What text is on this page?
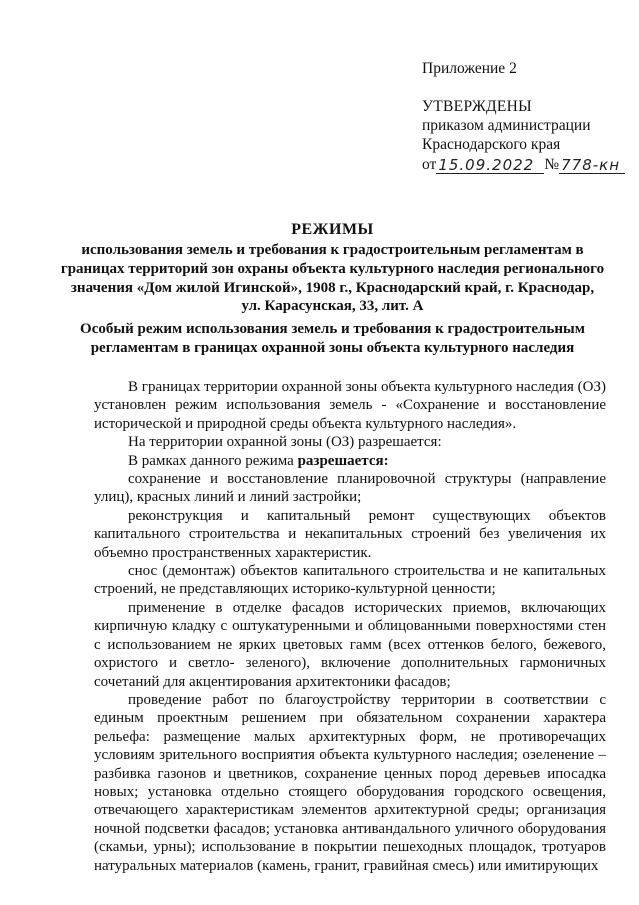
Приложение 2
УТВЕРЖДЕНЫ
приказом администрации
Краснодарского края
от 15.09.2022 № 778-кн
РЕЖИМЫ
использования земель и требования к градостроительным регламентам в границах территорий зон охраны объекта культурного наследия регионального значения «Дом жилой Игинской», 1908 г., Краснодарский край, г. Краснодар, ул. Карасунская, 33, лит. А
Особый режим использования земель и требования к градостроительным регламентам в границах охранной зоны объекта культурного наследия

В границах территории охранной зоны объекта культурного наследия (ОЗ) установлен режим использования земель - «Сохранение и восстановление исторической и природной среды объекта культурного наследия».

На территории охранной зоны (ОЗ) разрешается:

В рамках данного режима разрешается:

сохранение и восстановление планировочной структуры (направление улиц), красных линий и линий застройки;

реконструкция и капитальный ремонт существующих объектов капитального строительства и некапитальных строений без увеличения их объемно пространственных характеристик.

снос (демонтаж) объектов капитального строительства и не капитальных строений, не представляющих историко-культурной ценности;

применение в отделке фасадов исторических приемов, включающих кирпичную кладку с оштукатуренными и облицованными поверхностями стен с использованием не ярких цветовых гамм (всех оттенков белого, бежевого, охристого и светло- зеленого), включение дополнительных гармоничных сочетаний для акцентирования архитектоники фасадов;

проведение работ по благоустройству территории в соответствии с единым проектным решением при обязательном сохранении характера рельефа: размещение малых архитектурных форм, не противоречащих условиям зрительного восприятия объекта культурного наследия; озеленение –разбивка газонов и цветников, сохранение ценных пород деревьев ипосадка новых; установка отдельно стоящего оборудования городского освещения, отвечающего характеристикам элементов архитектурной среды; организация ночной подсветки фасадов; установка антивандального уличного оборудования (скамьи, урны); использование в покрытии пешеходных площадок, тротуаров натуральных материалов (камень, гранит, гравийная смесь) или имитирующих
